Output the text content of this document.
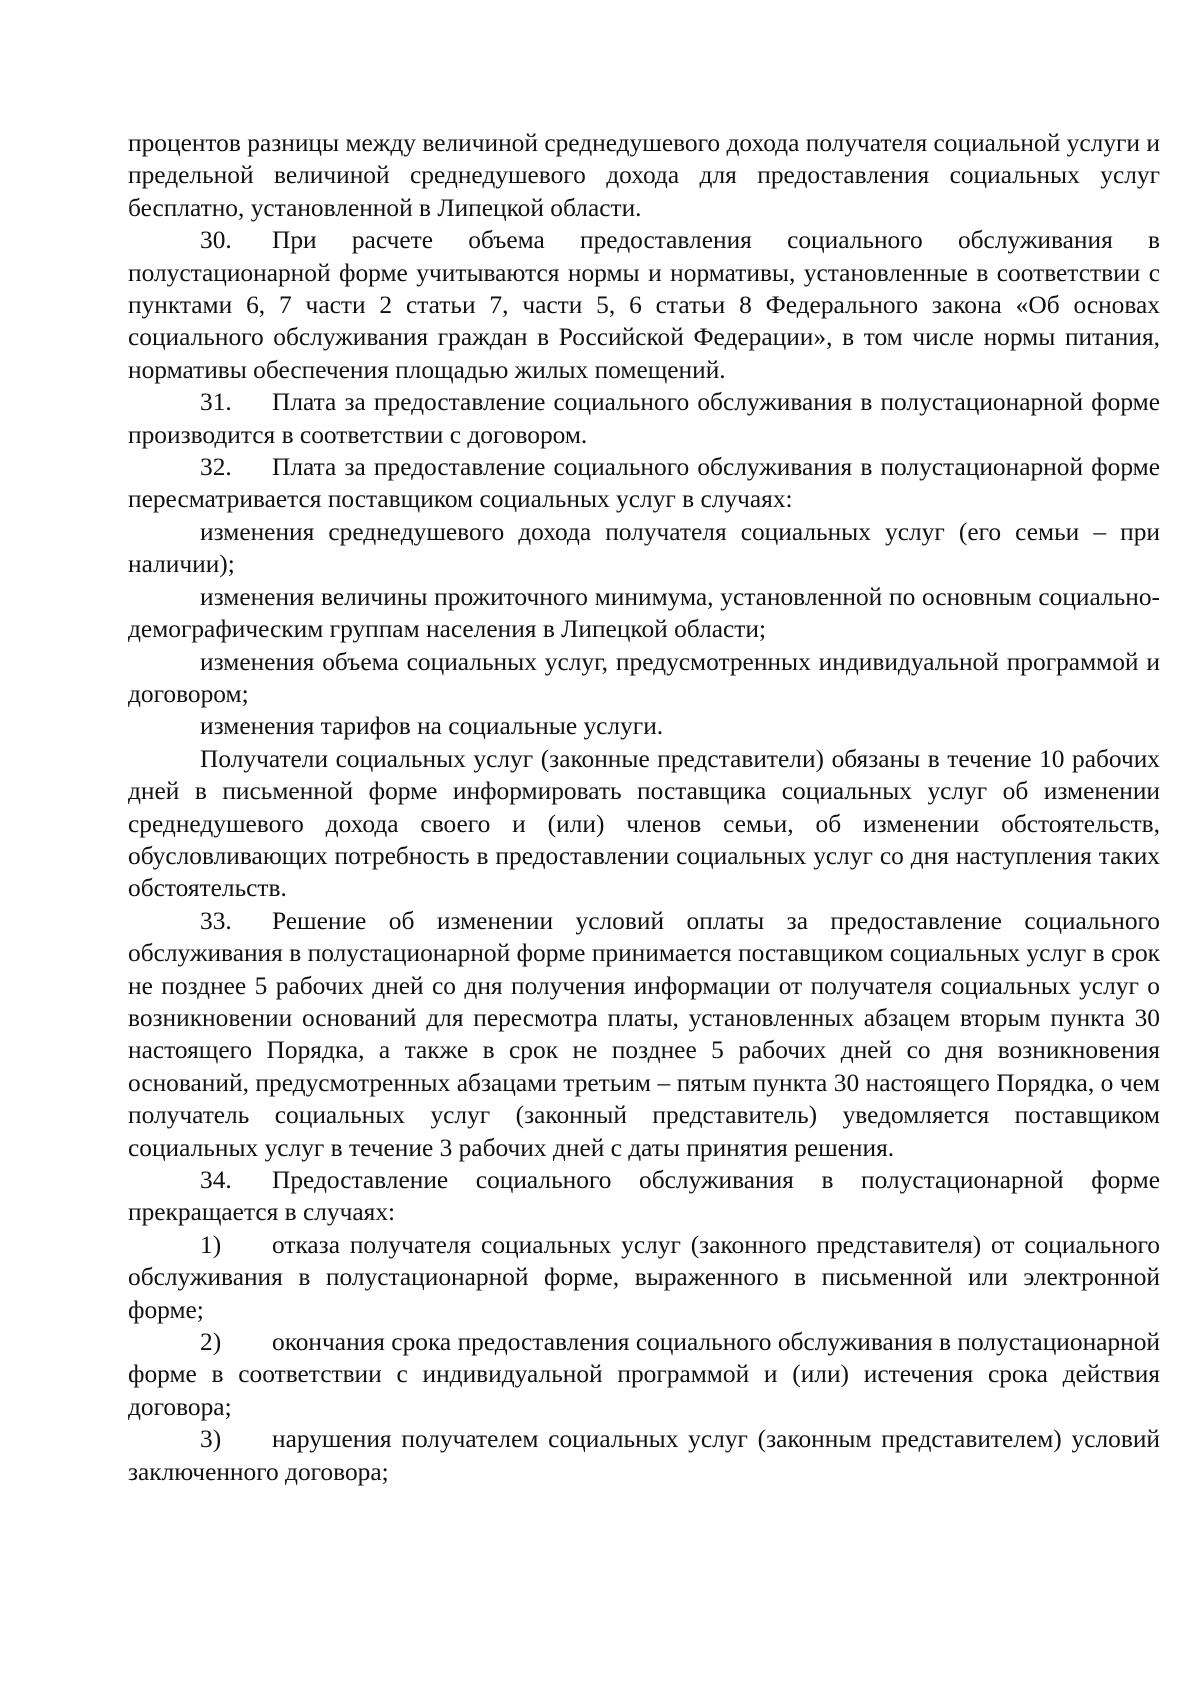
процентов разницы между величиной среднедушевого дохода получателя социальной услуги и предельной величиной среднедушевого дохода для предоставления социальных услуг бесплатно, установленной в Липецкой области.

30. При расчете объема предоставления социального обслуживания в полустационарной форме учитываются нормы и нормативы, установленные в соответствии с пунктами 6, 7 части 2 статьи 7, части 5, 6 статьи 8 Федерального закона «Об основах социального обслуживания граждан в Российской Федерации», в том числе нормы питания, нормативы обеспечения площадью жилых помещений.

31. Плата за предоставление социального обслуживания в полустационарной форме производится в соответствии с договором.

32. Плата за предоставление социального обслуживания в полустационарной форме пересматривается поставщиком социальных услуг в случаях:

изменения среднедушевого дохода получателя социальных услуг (его семьи – при наличии);

изменения величины прожиточного минимума, установленной по основным социально-демографическим группам населения в Липецкой области;

изменения объема социальных услуг, предусмотренных индивидуальной программой и договором;

изменения тарифов на социальные услуги.

Получатели социальных услуг (законные представители) обязаны в течение 10 рабочих дней в письменной форме информировать поставщика социальных услуг об изменении среднедушевого дохода своего и (или) членов семьи, об изменении обстоятельств, обусловливающих потребность в предоставлении социальных услуг со дня наступления таких обстоятельств.

33. Решение об изменении условий оплаты за предоставление социального обслуживания в полустационарной форме принимается поставщиком социальных услуг в срок не позднее 5 рабочих дней со дня получения информации от получателя социальных услуг о возникновении оснований для пересмотра платы, установленных абзацем вторым пункта 30 настоящего Порядка, а также в срок не позднее 5 рабочих дней со дня возникновения оснований, предусмотренных абзацами третьим – пятым пункта 30 настоящего Порядка, о чем получатель социальных услуг (законный представитель) уведомляется поставщиком социальных услуг в течение 3 рабочих дней с даты принятия решения.

34. Предоставление социального обслуживания в полустационарной форме прекращается в случаях:

1) отказа получателя социальных услуг (законного представителя) от социального обслуживания в полустационарной форме, выраженного в письменной или электронной форме;

2) окончания срока предоставления социального обслуживания в полустационарной форме в соответствии с индивидуальной программой и (или) истечения срока действия договора;

3) нарушения получателем социальных услуг (законным представителем) условий заключенного договора;
